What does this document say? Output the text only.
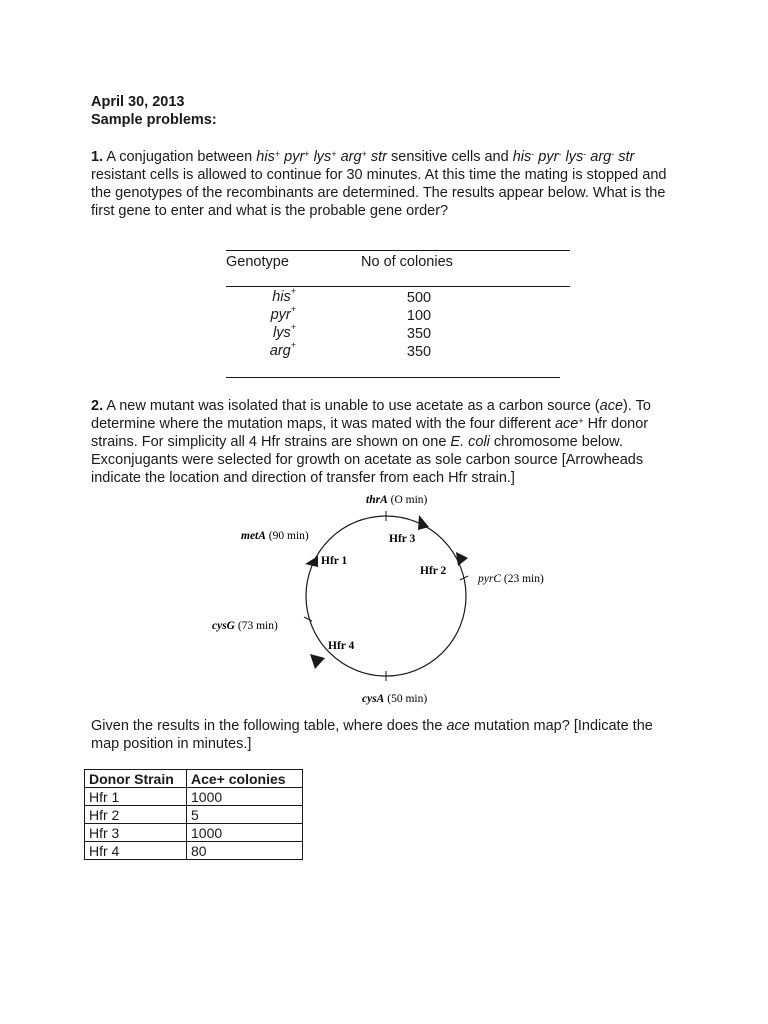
April 30, 2013
Sample problems:
1. A conjugation between his+ pyr+ lys+ arg+ str sensitive cells and his- pyr- lys- arg- str resistant cells is allowed to continue for 30 minutes. At this time the mating is stopped and the genotypes of the recombinants are determined. The results appear below. What is the first gene to enter and what is the probable gene order?
Genotype	No of colonies
his+	500
pyr+	100
lys+	350
arg+	350
2. A new mutant was isolated that is unable to use acetate as a carbon source (ace). To determine where the mutation maps, it was mated with the four different ace+ Hfr donor strains. For simplicity all 4 Hfr strains are shown on one E. coli chromosome below. Exconjugants were selected for growth on acetate as sole carbon source [Arrowheads indicate the location and direction of transfer from each Hfr strain.]
thrA (O min)
pyrC (23 min)
cysA (50 min)
cysG (73 min)
metA (90 min)
Hfr 1
Hfr 2
Hfr 3
Hfr 4
Given the results in the following table, where does the ace mutation map? [Indicate the map position in minutes.]
Donor Strain	Ace+ colonies
Hfr 1	1000
Hfr 2	5
Hfr 3	1000
Hfr 4	80
